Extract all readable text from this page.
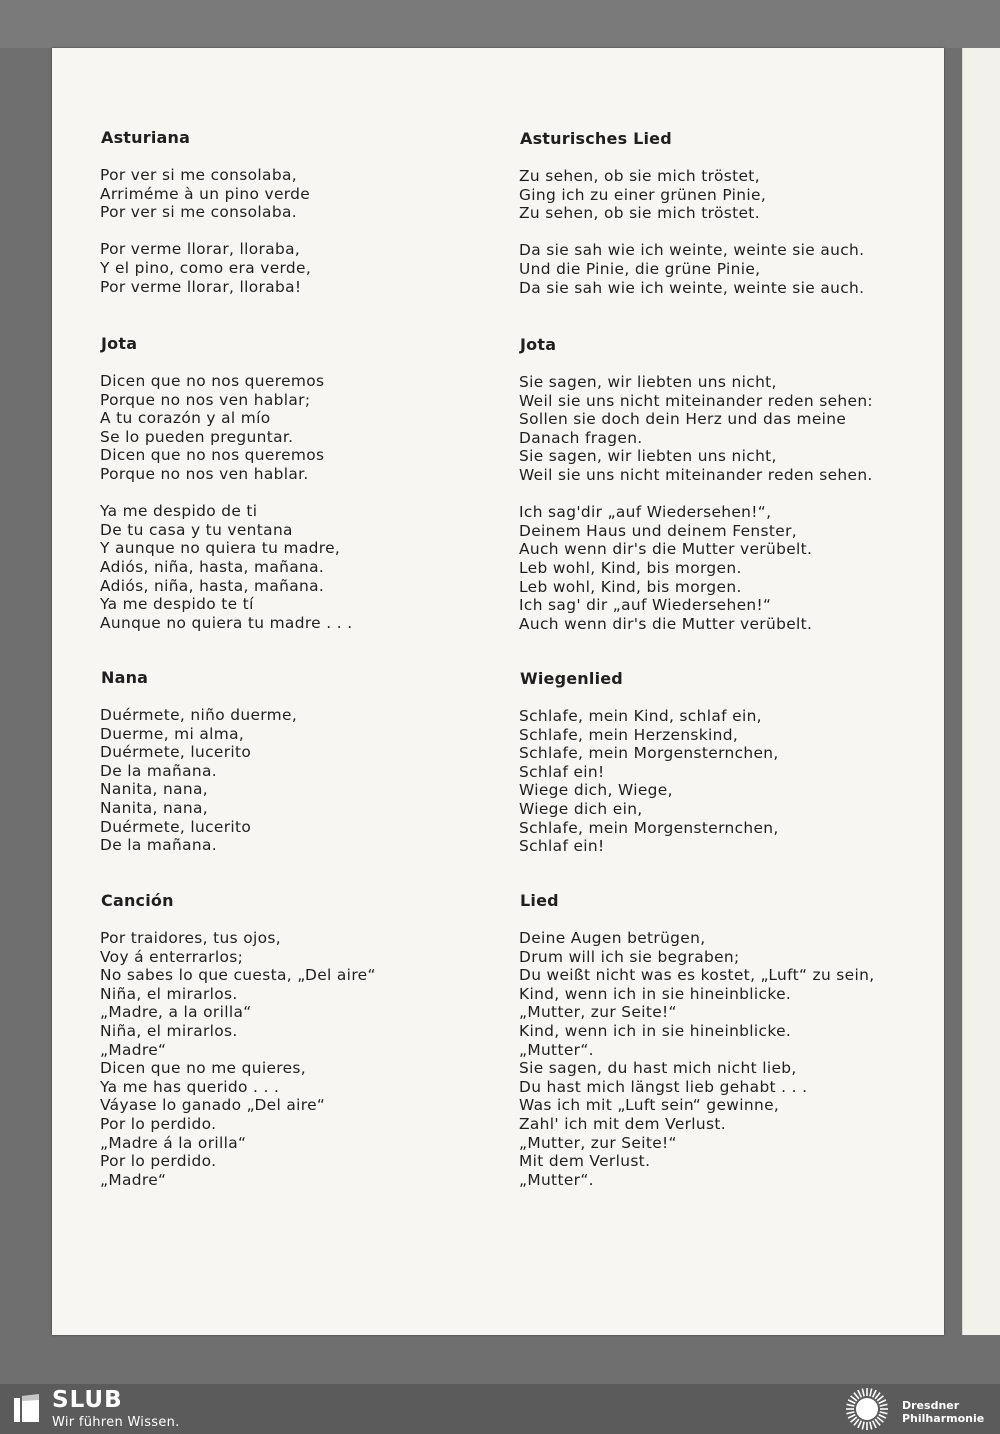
Asturiana
Por ver si me consolaba,
Arriméme à un pino verde
Por ver si me consolaba.
Por verme llorar, lloraba,
Y el pino, como era verde,
Por verme llorar, lloraba!
Jota
Dicen que no nos queremos
Porque no nos ven hablar;
A tu corazón y al mío
Se lo pueden preguntar.
Dicen que no nos queremos
Porque no nos ven hablar.
Ya me despido de ti
De tu casa y tu ventana
Y aunque no quiera tu madre,
Adiós, niña, hasta, mañana.
Adiós, niña, hasta, mañana.
Ya me despido te tí
Aunque no quiera tu madre . . .
Nana
Duérmete, niño duerme,
Duerme, mi alma,
Duérmete, lucerito
De la mañana.
Nanita, nana,
Nanita, nana,
Duérmete, lucerito
De la mañana.
Canción
Por traidores, tus ojos,
Voy á enterrarlos;
No sabes lo que cuesta, „Del aire“
Niña, el mirarlos.
„Madre, a la orilla“
Niña, el mirarlos.
„Madre“
Dicen que no me quieres,
Ya me has querido . . .
Váyase lo ganado „Del aire“
Por lo perdido.
„Madre á la orilla“
Por lo perdido.
„Madre“
Asturisches Lied
Zu sehen, ob sie mich tröstet,
Ging ich zu einer grünen Pinie,
Zu sehen, ob sie mich tröstet.
Da sie sah wie ich weinte, weinte sie auch.
Und die Pinie, die grüne Pinie,
Da sie sah wie ich weinte, weinte sie auch.
Jota
Sie sagen, wir liebten uns nicht,
Weil sie uns nicht miteinander reden sehen:
Sollen sie doch dein Herz und das meine
Danach fragen.
Sie sagen, wir liebten uns nicht,
Weil sie uns nicht miteinander reden sehen.
Ich sag'dir „auf Wiedersehen!“,
Deinem Haus und deinem Fenster,
Auch wenn dir's die Mutter verübelt.
Leb wohl, Kind, bis morgen.
Leb wohl, Kind, bis morgen.
Ich sag' dir „auf Wiedersehen!“
Auch wenn dir's die Mutter verübelt.
Wiegenlied
Schlafe, mein Kind, schlaf ein,
Schlafe, mein Herzenskind,
Schlafe, mein Morgensternchen,
Schlaf ein!
Wiege dich, Wiege,
Wiege dich ein,
Schlafe, mein Morgensternchen,
Schlaf ein!
Lied
Deine Augen betrügen,
Drum will ich sie begraben;
Du weißt nicht was es kostet, „Luft“ zu sein,
Kind, wenn ich in sie hineinblicke.
„Mutter, zur Seite!“
Kind, wenn ich in sie hineinblicke.
„Mutter“.
Sie sagen, du hast mich nicht lieb,
Du hast mich längst lieb gehabt . . .
Was ich mit „Luft sein“ gewinne,
Zahl' ich mit dem Verlust.
„Mutter, zur Seite!“
Mit dem Verlust.
„Mutter“.
SLUB
Wir führen Wissen.
Dresdner
Philharmonie
